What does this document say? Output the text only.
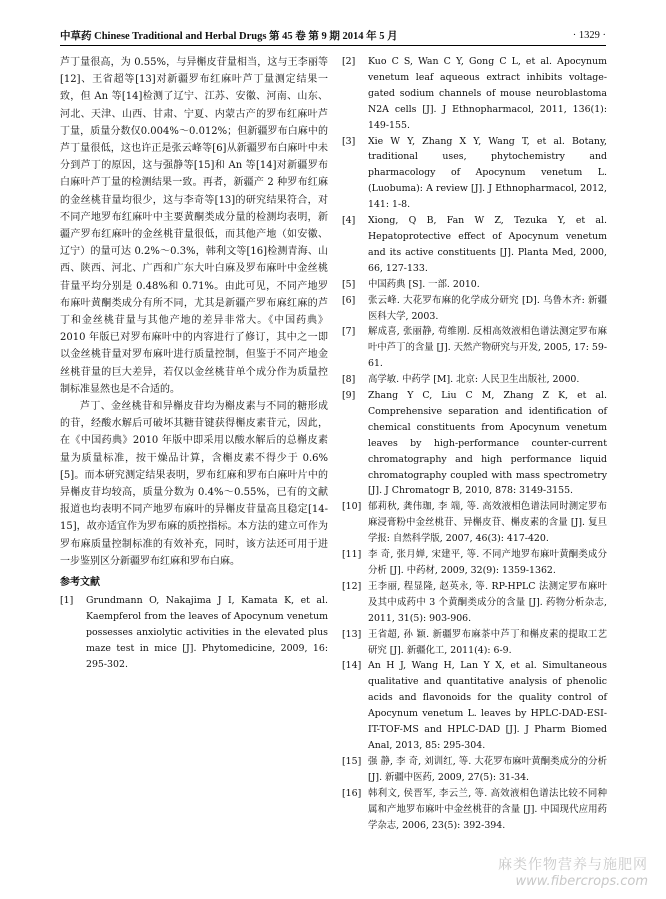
中草药 Chinese Traditional and Herbal Drugs 第 45 卷 第 9 期 2014 年 5 月	· 1329 ·

芦丁量很高，为 0.55%，与异槲皮苷量相当，这与王李丽等[12]、王省超等[13]对新疆罗布红麻叶芦丁量测定结果一致，但 An 等[14]检测了辽宁、江苏、安徽、河南、山东、河北、天津、山西、甘肃、宁夏、内蒙古产的罗布红麻叶芦丁量，质量分数仅0.004%～0.012%；但新疆罗布白麻中的芦丁量很低，这也许正是张云峰等[6]从新疆罗布白麻叶中未分到芦丁的原因，这与强静等[15]和 An 等[14]对新疆罗布白麻叶芦丁量的检测结果一致。再者，新疆产 2 种罗布红麻的金丝桃苷量均很少，这与李奇等[13]的研究结果符合，对不同产地罗布红麻叶中主要黄酮类成分量的检测均表明，新疆产罗布红麻叶的金丝桃苷量很低，而其他产地（如安徽、辽宁）的量可达 0.2%～0.3%，韩利文等[16]检测青海、山西、陕西、河北、广西和广东大叶白麻及罗布麻叶中金丝桃苷量平均分别是 0.48%和 0.71%。由此可见，不同产地罗布麻叶黄酮类成分有所不同，尤其是新疆产罗布麻红麻的芦丁和金丝桃苷量与其他产地的差异非常大。《中国药典》2010 年版已对罗布麻叶中的内容进行了修订，其中之一即以金丝桃苷量对罗布麻叶进行质量控制，但鉴于不同产地金丝桃苷量的巨大差异，若仅以金丝桃苷单个成分作为质量控制标准显然也是不合适的。

芦丁、金丝桃苷和异槲皮苷均为槲皮素与不同的糖形成的苷，经酸水解后可破坏其糖苷键获得槲皮素苷元，因此，在《中国药典》2010 年版中即采用以酸水解后的总槲皮素量为质量标准，按干燥品计算，含槲皮素不得少于 0.6%[5]。而本研究测定结果表明，罗布红麻和罗布白麻叶片中的异槲皮苷均较高，质量分数为 0.4%～0.55%，已有的文献报道也均表明不同产地罗布麻叶的异槲皮苷量高且稳定[14-15]，故亦适宜作为罗布麻的质控指标。本方法的建立可作为罗布麻质量控制标准的有效补充，同时，该方法还可用于进一步鉴别区分新疆罗布红麻和罗布白麻。

参考文献
[1]	Grundmann O, Nakajima J I, Kamata K, et al. Kaempferol from the leaves of Apocynum venetum possesses anxiolytic activities in the elevated plus maze test in mice [J]. Phytomedicine, 2009, 16: 295-302.
[2]	Kuo C S, Wan C Y, Gong C L, et al. Apocynum venetum leaf aqueous extract inhibits voltage-gated sodium channels of mouse neuroblastoma N2A cells [J]. J Ethnopharmacol, 2011, 136(1): 149-155.
[3]	Xie W Y, Zhang X Y, Wang T, et al. Botany, traditional uses, phytochemistry and pharmacology of Apocynum venetum L. (Luobuma): A review [J]. J Ethnopharmacol, 2012, 141: 1-8.
[4]	Xiong, Q B, Fan W Z, Tezuka Y, et al. Hepatoprotective effect of Apocynum venetum and its active constituents [J]. Planta Med, 2000, 66, 127-133.
[5]	中国药典 [S]. 一部. 2010.
[6]	张云峰. 大花罗布麻的化学成分研究 [D]. 乌鲁木齐: 新疆医科大学, 2003.
[7]	解成喜, 张丽静, 苟维刚. 反相高效液相色谱法测定罗布麻叶中芦丁的含量 [J]. 天然产物研究与开发, 2005, 17: 59-61.
[8]	高学敏. 中药学 [M]. 北京: 人民卫生出版社, 2000.
[9]	Zhang Y C, Liu C M, Zhang Z K, et al. Comprehensive separation and identification of chemical constituents from Apocynum venetum leaves by high-performance counter-current chromatography and high performance liquid chromatography coupled with mass spectrometry [J]. J Chromatogr B, 2010, 878: 3149-3155.
[10] 郁莉秋, 龚伟珈, 李 端, 等. 高效液相色谱法同时测定罗布麻浸膏粉中金丝桃苷、异槲皮苷、槲皮素的含量 [J]. 复旦学报: 自然科学版, 2007, 46(3): 417-420.
[11] 李 奇, 张月婵, 宋建平, 等. 不同产地罗布麻叶黄酮类成分分析 [J]. 中药材, 2009, 32(9): 1359-1362.
[12] 王李丽, 程显隆, 赵英永, 等. RP-HPLC 法测定罗布麻叶及其中成药中 3 个黄酮类成分的含量 [J]. 药物分析杂志, 2011, 31(5): 903-906.
[13] 王省超, 孙 颖. 新疆罗布麻茶中芦丁和槲皮素的提取工艺研究 [J]. 新疆化工, 2011(4): 6-9.
[14] An H J, Wang H, Lan Y X, et al. Simultaneous qualitative and quantitative analysis of phenolic acids and flavonoids for the quality control of Apocynum venetum L. leaves by HPLC-DAD-ESI-IT-TOF-MS and HPLC-DAD [J]. J Pharm Biomed Anal, 2013, 85: 295-304.
[15] 强 静, 李 奇, 刘训红, 等. 大花罗布麻叶黄酮类成分的分析 [J]. 新疆中医药, 2009, 27(5): 31-34.
[16] 韩利文, 侯晋军, 李云兰, 等. 高效液相色谱法比较不同种属和产地罗布麻叶中金丝桃苷的含量 [J]. 中国现代应用药学杂志, 2006, 23(5): 392-394.
麻类作物营养与施肥网
www.fibercrops.com
